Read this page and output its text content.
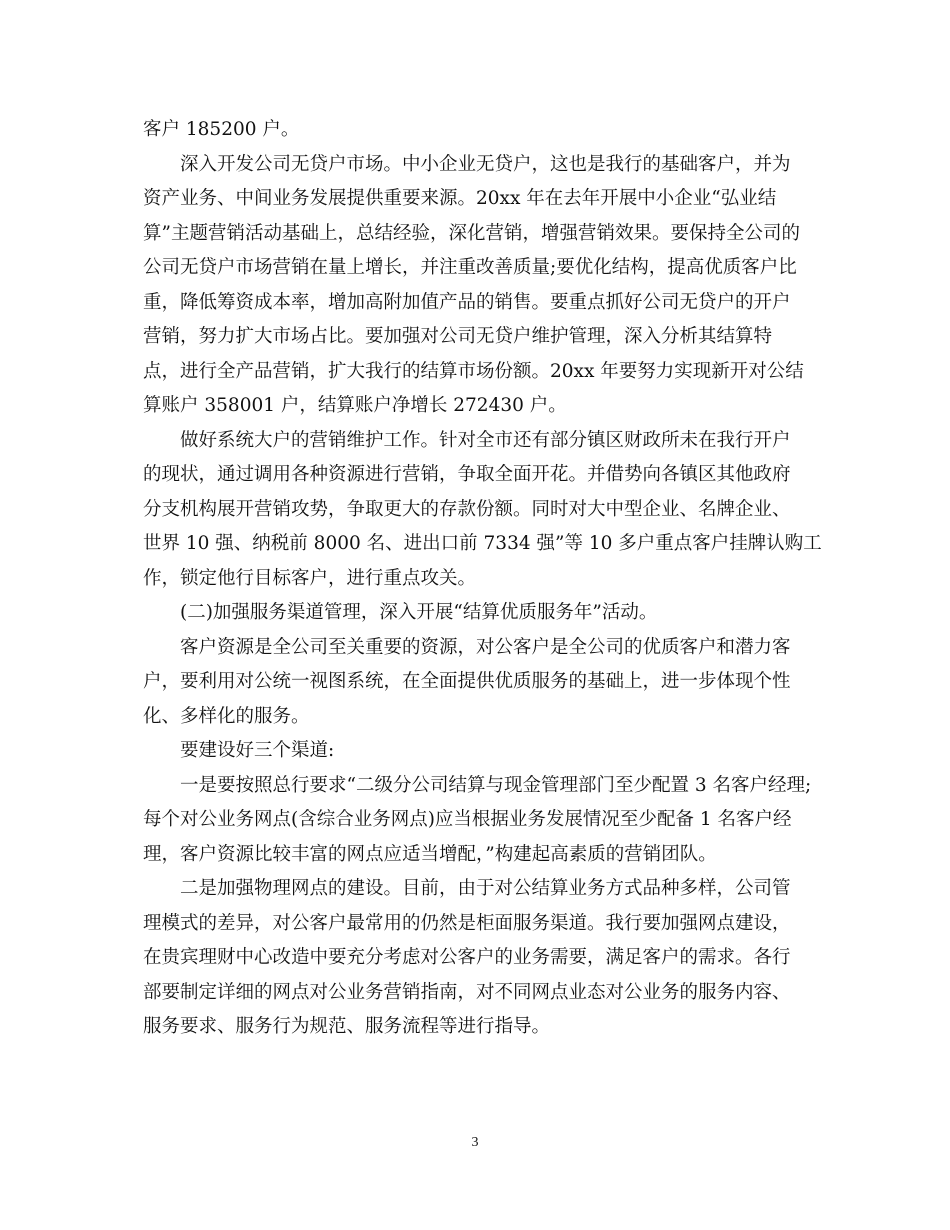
客户 185200 户。
深入开发公司无贷户市场。中小企业无贷户，这也是我行的基础客户，并为
资产业务、中间业务发展提供重要来源。20xx 年在去年开展中小企业“弘业结
算”主题营销活动基础上，总结经验，深化营销，增强营销效果。要保持全公司的
公司无贷户市场营销在量上增长，并注重改善质量;要优化结构，提高优质客户比
重，降低筹资成本率，增加高附加值产品的销售。要重点抓好公司无贷户的开户
营销，努力扩大市场占比。要加强对公司无贷户维护管理，深入分析其结算特
点，进行全产品营销，扩大我行的结算市场份额。20xx 年要努力实现新开对公结
算账户 358001 户，结算账户净增长 272430 户。
做好系统大户的营销维护工作。针对全市还有部分镇区财政所未在我行开户
的现状，通过调用各种资源进行营销，争取全面开花。并借势向各镇区其他政府
分支机构展开营销攻势，争取更大的存款份额。同时对大中型企业、名牌企业、
世界 10 强、纳税前 8000 名、进出口前 7334 强”等 10 多户重点客户挂牌认购工
作，锁定他行目标客户，进行重点攻关。
(二)加强服务渠道管理，深入开展“结算优质服务年”活动。
客户资源是全公司至关重要的资源，对公客户是全公司的优质客户和潜力客
户，要利用对公统一视图系统，在全面提供优质服务的基础上，进一步体现个性
化、多样化的服务。
要建设好三个渠道:
一是要按照总行要求“二级分公司结算与现金管理部门至少配置 3 名客户经理;
每个对公业务网点(含综合业务网点)应当根据业务发展情况至少配备 1 名客户经
理，客户资源比较丰富的网点应适当增配，”构建起高素质的营销团队。
二是加强物理网点的建设。目前，由于对公结算业务方式品种多样，公司管
理模式的差异，对公客户最常用的仍然是柜面服务渠道。我行要加强网点建设，
在贵宾理财中心改造中要充分考虑对公客户的业务需要，满足客户的需求。各行
部要制定详细的网点对公业务营销指南，对不同网点业态对公业务的服务内容、
服务要求、服务行为规范、服务流程等进行指导。
3
